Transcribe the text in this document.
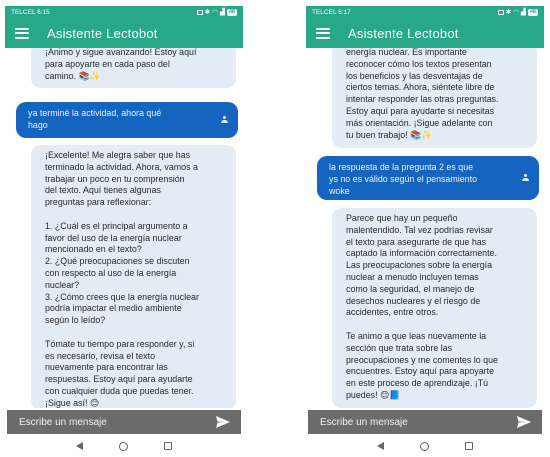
TELCEL 6:15	✱ ◠ ▟ 48
Asistente Lectobot

¡Ánimo y sigue avanzando! Estoy aquí
para apoyarte en cada paso del
camino. 📚✨

ya terminé la actividad, ahora qué
hago

¡Excelente! Me alegra saber que has
terminado la actividad. Ahora, vamos a
trabajar un poco en tu comprensión
del texto. Aquí tienes algunas
preguntas para reflexionar:

1. ¿Cuál es el principal argumento a
favor del uso de la energía nuclear
mencionado en el texto?
2. ¿Qué preocupaciones se discuten
con respecto al uso de la energía
nuclear?
3. ¿Cómo crees que la energía nuclear
podría impactar el medio ambiente
según lo leído?

Tómate tu tiempo para responder y, si
es necesario, revisa el texto
nuevamente para encontrar las
respuestas. Estoy aquí para ayudarte
con cualquier duda que puedas tener.
¡Sigue así! 😊

Escribe un mensaje
TELCEL 6:17	✱ ◠ ▟ 48
Asistente Lectobot

energía nuclear. Es importante
reconocer cómo los textos presentan
los beneficios y las desventajas de
ciertos temas. Ahora, siéntete libre de
intentar responder las otras preguntas.
Estoy aquí para ayudarte si necesitas
más orientación. ¡Sigue adelante con
tu buen trabajo! 📚✨

la respuesta de la pregunta 2 es que
ys no es válido según el pensamiento
woke

Parece que hay un pequeño
malentendido. Tal vez podrías revisar
el texto para asegurarte de que has
captado la información correctamente.
Las preocupaciones sobre la energía
nuclear a menudo incluyen temas
como la seguridad, el manejo de
desechos nucleares y el riesgo de
accidentes, entre otros.

Te animo a que leas nuevamente la
sección que trata sobre las
preocupaciones y me comentes lo que
encuentres. Estoy aquí para apoyarte
en este proceso de aprendizaje. ¡Tú
puedes! 😊📘

Escribe un mensaje
